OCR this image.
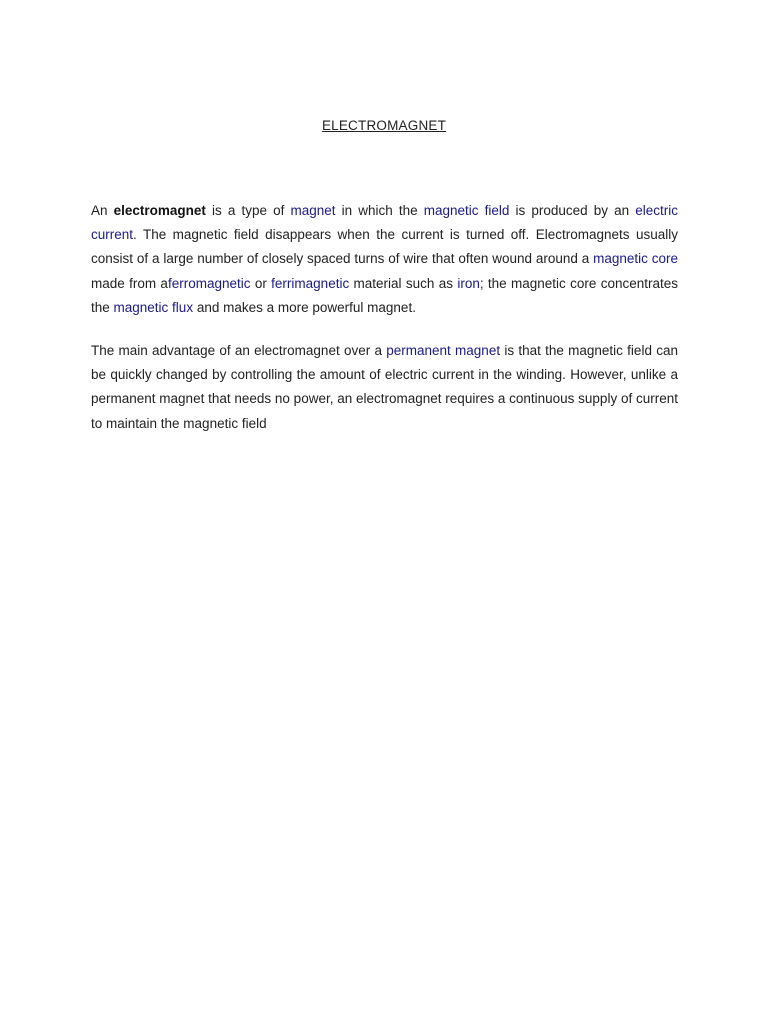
ELECTROMAGNET

An electromagnet is a type of magnet in which the magnetic field is produced by an electric current. The magnetic field disappears when the current is turned off. Electromagnets usually consist of a large number of closely spaced turns of wire that often wound around a magnetic core made from aferromagnetic or ferrimagnetic material such as iron; the magnetic core concentrates the magnetic flux and makes a more powerful magnet.

The main advantage of an electromagnet over a permanent magnet is that the magnetic field can be quickly changed by controlling the amount of electric current in the winding. However, unlike a permanent magnet that needs no power, an electromagnet requires a continuous supply of current to maintain the magnetic field
